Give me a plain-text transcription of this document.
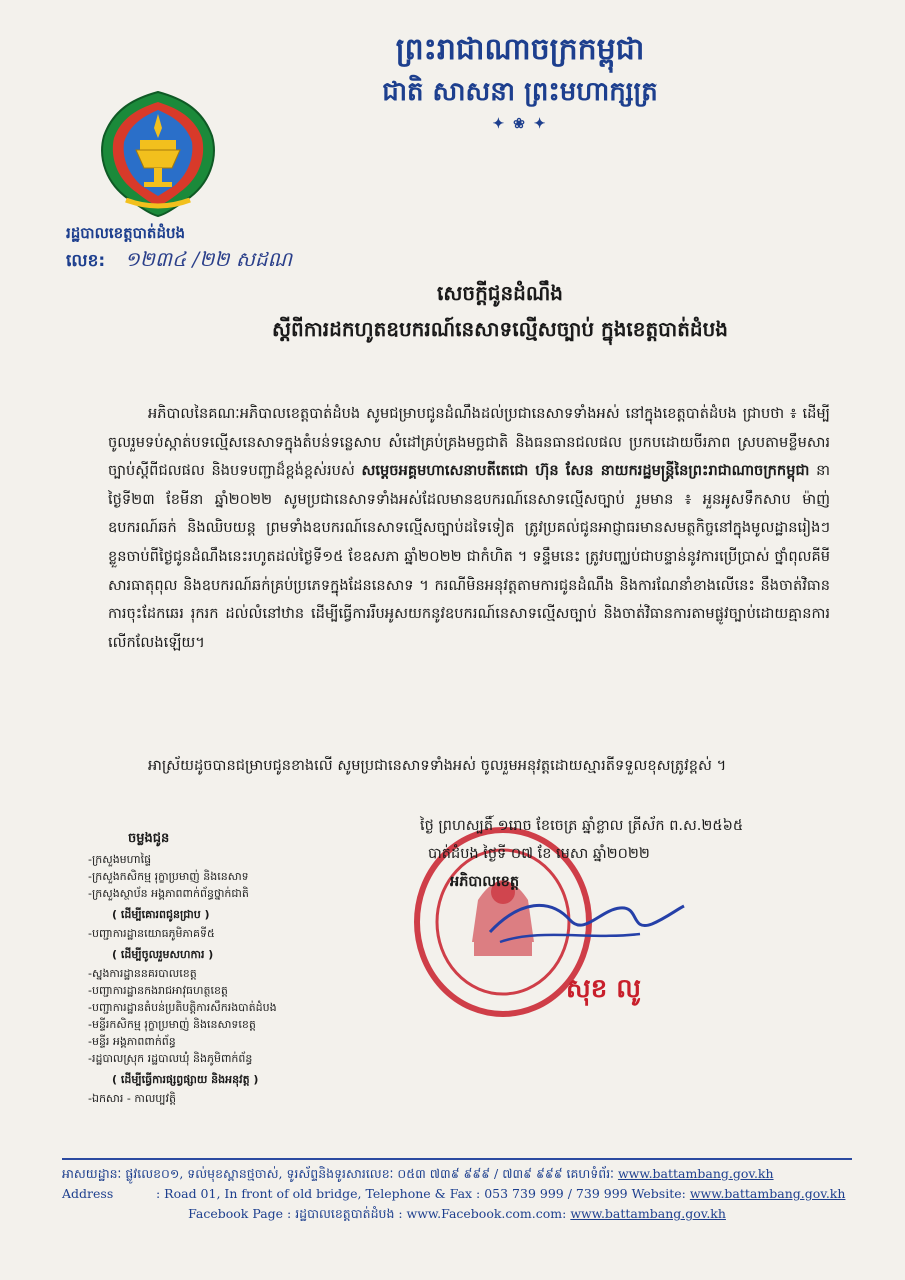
ព្រះរាជាណាចក្រកម្ពុជា
ជាតិ សាសនា ព្រះមហាក្សត្រ
✦ ❀ ✦
រដ្ឋបាលខេត្តបាត់ដំបង
លេខ: ១២៣៤ /២២ សដណ
សេចក្ដីជូនដំណឹង
ស្ដីពីការដកហូតឧបករណ៍នេសាទល្មើសច្បាប់ ក្នុងខេត្តបាត់ដំបង
អភិបាលនៃគណៈអភិបាលខេត្តបាត់ដំបង សូមជម្រាបជូនដំណឹងដល់ប្រជានេសាទទាំងអស់ នៅក្នុងខេត្តបាត់ដំបង ជ្រាបថា ៖ ដើម្បីចូលរួមទប់ស្កាត់បទល្មើសនេសាទក្នុងតំបន់ទន្លេសាប សំដៅគ្រប់គ្រងមច្ឆជាតិ និងធនធានជលផល ប្រកបដោយចីរភាព ស្របតាមខ្លឹមសារច្បាប់ស្ដីពីជលផល និងបទបញ្ជាដ៏ខ្ពង់ខ្ពស់របស់ សម្ដេចអគ្គមហាសេនាបតីតេជោ ហ៊ុន សែន នាយករដ្ឋមន្ត្រីនៃព្រះរាជាណាចក្រកម្ពុជា នាថ្ងៃទី២៣ ខែមីនា ឆ្នាំ២០២២ សូមប្រជានេសាទទាំងអស់ដែលមានឧបករណ៍នេសាទល្មើសច្បាប់ រួមមាន ៖ អួនអូសទឹកសាប ម៉ាញ់ ឧបករណ៍ឆក់ និងឈិបយន្ត ព្រមទាំងឧបករណ៍នេសាទល្មើសច្បាប់ដទៃទៀត ត្រូវប្រគល់ជូនអាជ្ញាធរមានសមត្ថកិច្ចនៅក្នុងមូលដ្ឋានរៀងៗខ្លួនចាប់ពីថ្ងៃជូនដំណឹងនេះរហូតដល់ថ្ងៃទី១៥ ខែឧសភា ឆ្នាំ២០២២ ជាកំហិត ។ ទន្ទឹមនេះ ត្រូវបញ្ឈប់ជាបន្ទាន់នូវការប្រើប្រាស់ ថ្នាំពុលគីមី សារធាតុពុល និងឧបករណ៍ឆក់គ្រប់ប្រភេទក្នុងដែននេសាទ ។ ករណីមិនអនុវត្តតាមការជូនដំណឹង និងការណែនាំខាងលើនេះ នឹងចាត់វិធានការចុះដែកឆេរ រុករក ដល់លំនៅឋាន ដើម្បីធ្វើការរឹបអូសយកនូវឧបករណ៍នេសាទល្មើសច្បាប់ និងចាត់វិធានការតាមផ្លូវច្បាប់ដោយគ្មានការលើកលែងឡើយ។
អាស្រ័យដូចបានជម្រាបជូនខាងលើ សូមប្រជានេសាទទាំងអស់ ចូលរួមអនុវត្តដោយស្មារតីទទួលខុសត្រូវខ្ពស់ ។
ចម្លងជូន
-ក្រសួងមហាផ្ទៃ
-ក្រសួងកសិកម្ម រុក្ខាប្រមាញ់ និងនេសាទ
-ក្រសួងស្ថាប័ន អង្គភាពពាក់ព័ន្ធថ្នាក់ជាតិ
( ដើម្បីគោរពជូនជ្រាប )
-បញ្ជាការដ្ឋានយោធភូមិភាគទី៥
( ដើម្បីចូលរួមសហការ )
-ស្នងការដ្ឋាននគរបាលខេត្ត
-បញ្ជាការដ្ឋានកងរាជអាវុធហត្ថខេត្ត
-បញ្ជាការដ្ឋានតំបន់ប្រតិបត្តិការសឹករងបាត់ដំបង
-មន្ទីរកសិកម្ម រុក្ខាប្រមាញ់ និងនេសាទខេត្ត
-មន្ទីរ អង្គភាពពាក់ព័ន្ធ
-រដ្ឋបាលស្រុក រដ្ឋបាលឃុំ និងភូមិពាក់ព័ន្ធ
( ដើម្បីធ្វើការផ្សព្វផ្សាយ និងអនុវត្ត )
-ឯកសារ - កាលប្បវត្តិ
ថ្ងៃ ព្រហស្បតិ៍ ១រោច ខែចេត្រ ឆ្នាំខ្លាល ត្រីស័ក ព.ស.២៥៦៥
បាត់ដំបង ថ្ងៃទី ០៧ ខែ មេសា ឆ្នាំ២០២២
អភិបាលខេត្ត
សុខ លូ
អាសយដ្ឋានៈ ផ្លូវលេខ០១, ទល់មុខស្ពានថ្មចាស់, ទូរស័ព្ទនិងទូរសារលេខៈ ០៥៣ ៧៣៩ ៩៩៩ / ៧៣៩ ៩៩៩ គេហទំព័រៈ www.battambang.gov.kh
Address	: Road 01, In front of old bridge, Telephone & Fax : 053 739 999 / 739 999 Website: www.battambang.gov.kh
Facebook Page : រដ្ឋបាលខេត្តបាត់ដំបង : www.Facebook.com.com: www.battambang.gov.kh
